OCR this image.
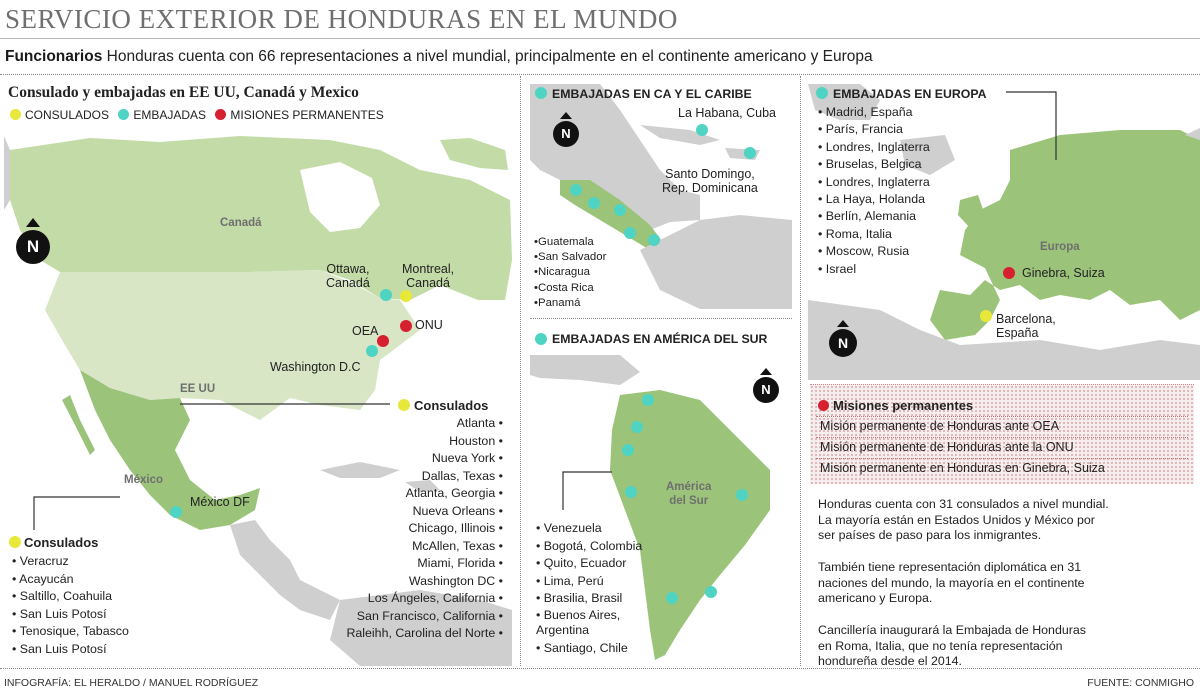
SERVICIO EXTERIOR DE HONDURAS EN EL MUNDO
Funcionarios Honduras cuenta con 66 representaciones a nivel mundial, principalmente en el continente americano y Europa
Consulado y embajadas en EE UU, Canadá y Mexico
CONSULADOS EMBAJADAS MISIONES PERMANENTES
N
Canadá
EE UU
México
Ottawa,
Canadá
Montreal,
Canadá
OEA	ONU
Washington D.C
México DF
Consulados
Atlanta •
Houston •
Nueva York •
Dallas, Texas •
Atlanta, Georgia •
Nueva Orleans •
Chicago, Illinois •
McAllen, Texas •
Miami, Florida •
Washington DC •
Los Ángeles, California •
San Francisco, California •
Raleihh, Carolina del Norte •
Consulados
• Veracruz
• Acayucán
• Saltillo, Coahuila
• San Luis Potosí
• Tenosique, Tabasco
• San Luis Potosí
EMBAJADAS EN CA Y EL CARIBE
N
La Habana, Cuba
Santo Domingo,
Rep. Dominicana
•Guatemala
•San Salvador
•Nicaragua
•Costa Rica
•Panamá
EMBAJADAS EN AMÉRICA DEL SUR
N
América
del Sur
• Venezuela
• Bogotá, Colombia
• Quito, Ecuador
• Lima, Perú
• Brasilia, Brasil
• Buenos Aires,
Argentina
• Santiago, Chile
EMBAJADAS EN EUROPA
• Madrid, España
• París, Francia
• Londres, Inglaterra
• Bruselas, Belgica
• Londres, Inglaterra
• La Haya, Holanda
• Berlín, Alemania
• Roma, Italia
• Moscow, Rusia
• Israel
Europa
Ginebra, Suiza
Barcelona,
España
N
Misiones permanentes
Misión permanente de Honduras ante OEA
Misión permanente de Honduras ante la ONU
Misión permanente en Honduras en Ginebra, Suiza
Honduras cuenta con 31 consulados a nivel mundial.
La mayoría están en Estados Unidos y México por
ser países de paso para los inmigrantes.
También tiene representación diplomática en 31
naciones del mundo, la mayoría en el continente
americano y Europa.
Cancillería inaugurará la Embajada de Honduras
en Roma, Italia, que no tenía representación
hondureña desde el 2014.
INFOGRAFÍA: EL HERALDO / MANUEL RODRÍGUEZ	FUENTE: CONMIGHO
